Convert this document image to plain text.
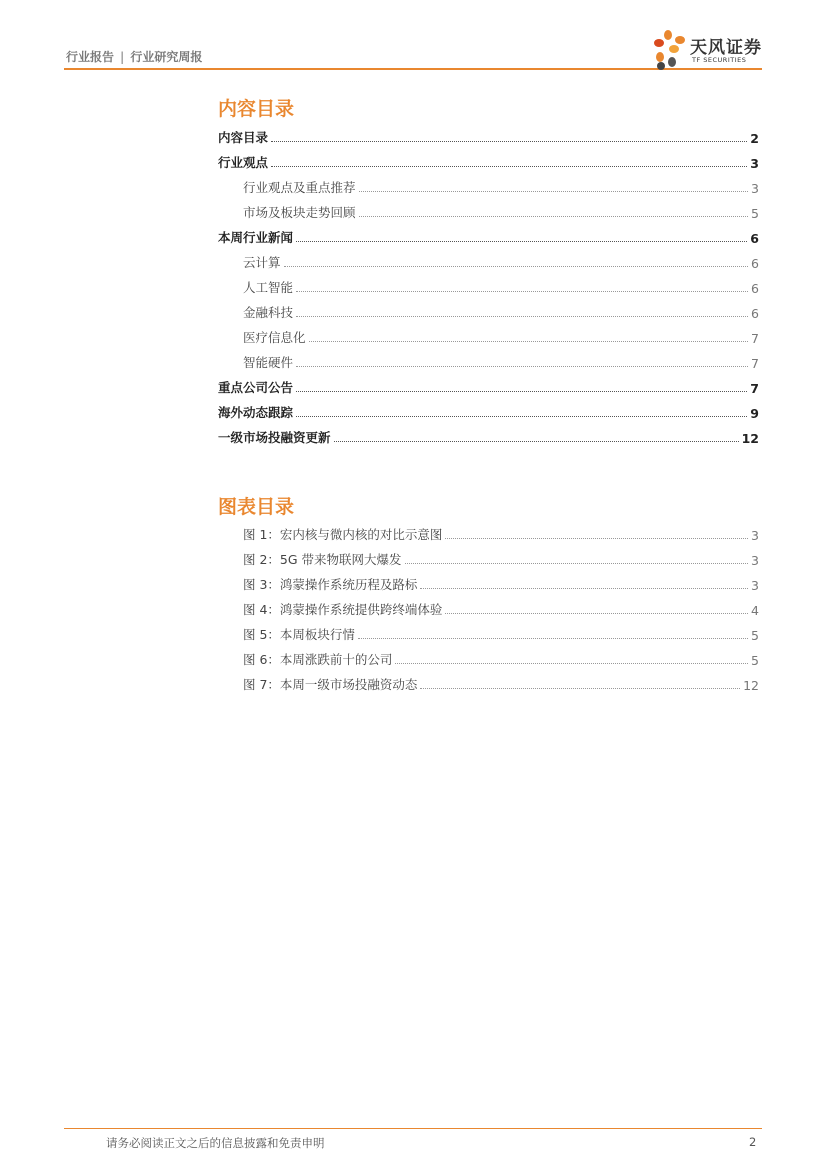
行业报告 | 行业研究周报	天风证券
TF SECURITIES
内容目录
内容目录	2
行业观点	3
行业观点及重点推荐	3
市场及板块走势回顾	5
本周行业新闻	6
云计算	6
人工智能	6
金融科技	6
医疗信息化	7
智能硬件	7
重点公司公告	7
海外动态跟踪	9
一级市场投融资更新	12
图表目录
图 1：宏内核与微内核的对比示意图	3
图 2：5G 带来物联网大爆发	3
图 3：鸿蒙操作系统历程及路标	3
图 4：鸿蒙操作系统提供跨终端体验	4
图 5：本周板块行情	5
图 6：本周涨跌前十的公司	5
图 7：本周一级市场投融资动态	12
请务必阅读正文之后的信息披露和免责申明	2
